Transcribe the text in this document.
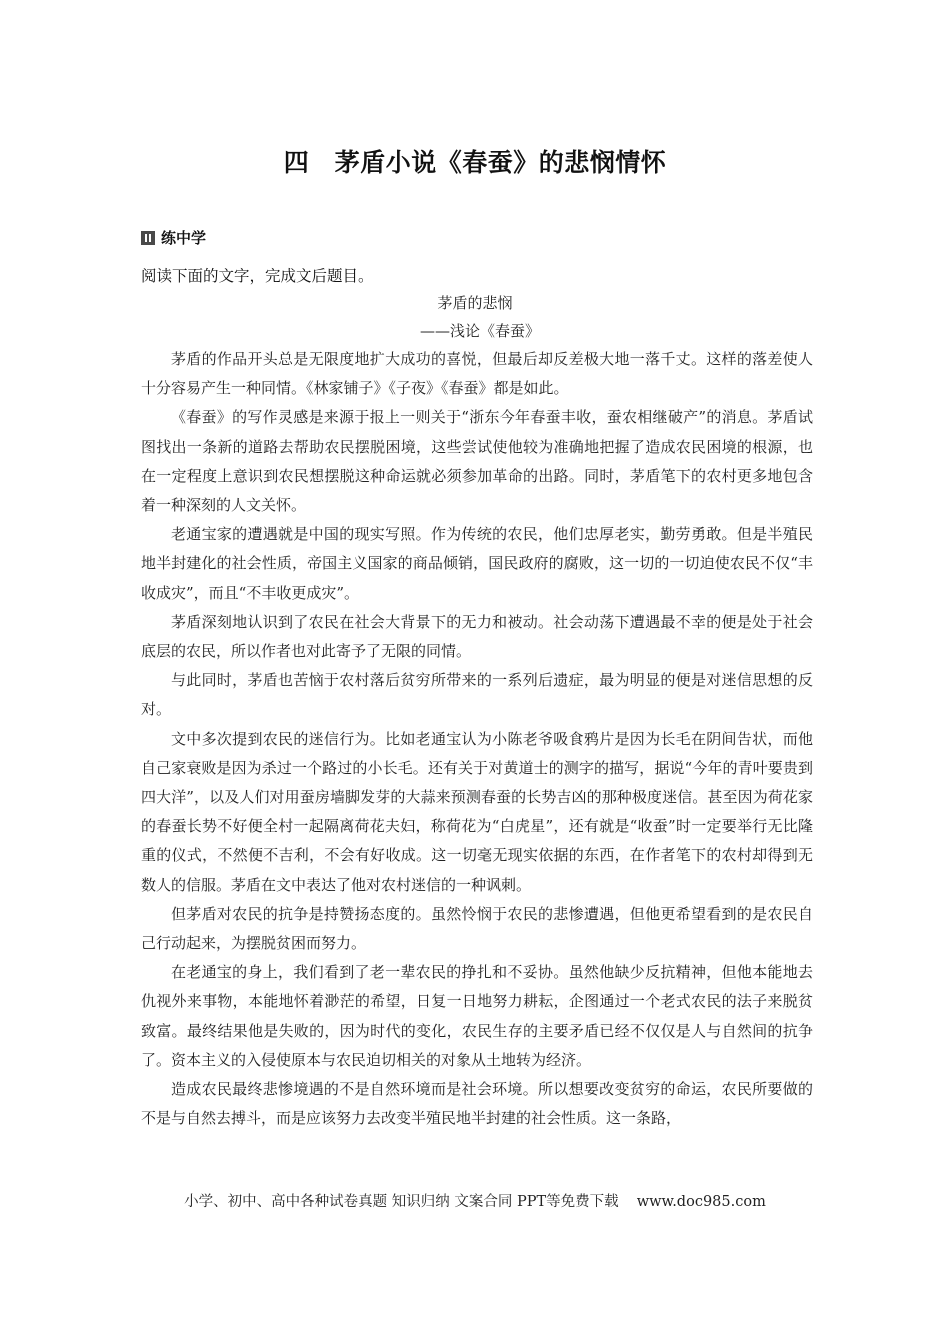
四　茅盾小说《春蚕》的悲悯情怀
练中学
阅读下面的文字，完成文后题目。
茅盾的悲悯
——浅论《春蚕》

茅盾的作品开头总是无限度地扩大成功的喜悦，但最后却反差极大地一落千丈。这样的落差使人十分容易产生一种同情。《林家铺子》《子夜》《春蚕》都是如此。

《春蚕》的写作灵感是来源于报上一则关于“浙东今年春蚕丰收，蚕农相继破产”的消息。茅盾试图找出一条新的道路去帮助农民摆脱困境，这些尝试使他较为准确地把握了造成农民困境的根源，也在一定程度上意识到农民想摆脱这种命运就必须参加革命的出路。同时，茅盾笔下的农村更多地包含着一种深刻的人文关怀。

老通宝家的遭遇就是中国的现实写照。作为传统的农民，他们忠厚老实，勤劳勇敢。但是半殖民地半封建化的社会性质，帝国主义国家的商品倾销，国民政府的腐败，这一切的一切迫使农民不仅“丰收成灾”，而且“不丰收更成灾”。

茅盾深刻地认识到了农民在社会大背景下的无力和被动。社会动荡下遭遇最不幸的便是处于社会底层的农民，所以作者也对此寄予了无限的同情。

与此同时，茅盾也苦恼于农村落后贫穷所带来的一系列后遗症，最为明显的便是对迷信思想的反对。

文中多次提到农民的迷信行为。比如老通宝认为小陈老爷吸食鸦片是因为长毛在阴间告状，而他自己家衰败是因为杀过一个路过的小长毛。还有关于对黄道士的测字的描写，据说“今年的青叶要贵到四大洋”，以及人们对用蚕房墙脚发芽的大蒜来预测春蚕的长势吉凶的那种极度迷信。甚至因为荷花家的春蚕长势不好便全村一起隔离荷花夫妇，称荷花为“白虎星”，还有就是“收蚕”时一定要举行无比隆重的仪式，不然便不吉利，不会有好收成。这一切毫无现实依据的东西，在作者笔下的农村却得到无数人的信服。茅盾在文中表达了他对农村迷信的一种讽刺。

但茅盾对农民的抗争是持赞扬态度的。虽然怜悯于农民的悲惨遭遇，但他更希望看到的是农民自己行动起来，为摆脱贫困而努力。

在老通宝的身上，我们看到了老一辈农民的挣扎和不妥协。虽然他缺少反抗精神，但他本能地去仇视外来事物，本能地怀着渺茫的希望，日复一日地努力耕耘，企图通过一个老式农民的法子来脱贫致富。最终结果他是失败的，因为时代的变化，农民生存的主要矛盾已经不仅仅是人与自然间的抗争了。资本主义的入侵使原本与农民迫切相关的对象从土地转为经济。

造成农民最终悲惨境遇的不是自然环境而是社会环境。所以想要改变贫穷的命运，农民所要做的不是与自然去搏斗，而是应该努力去改变半殖民地半封建的社会性质。这一条路，

小学、初中、高中各种试卷真题 知识归纳 文案合同 PPT等免费下载 www.doc985.com
